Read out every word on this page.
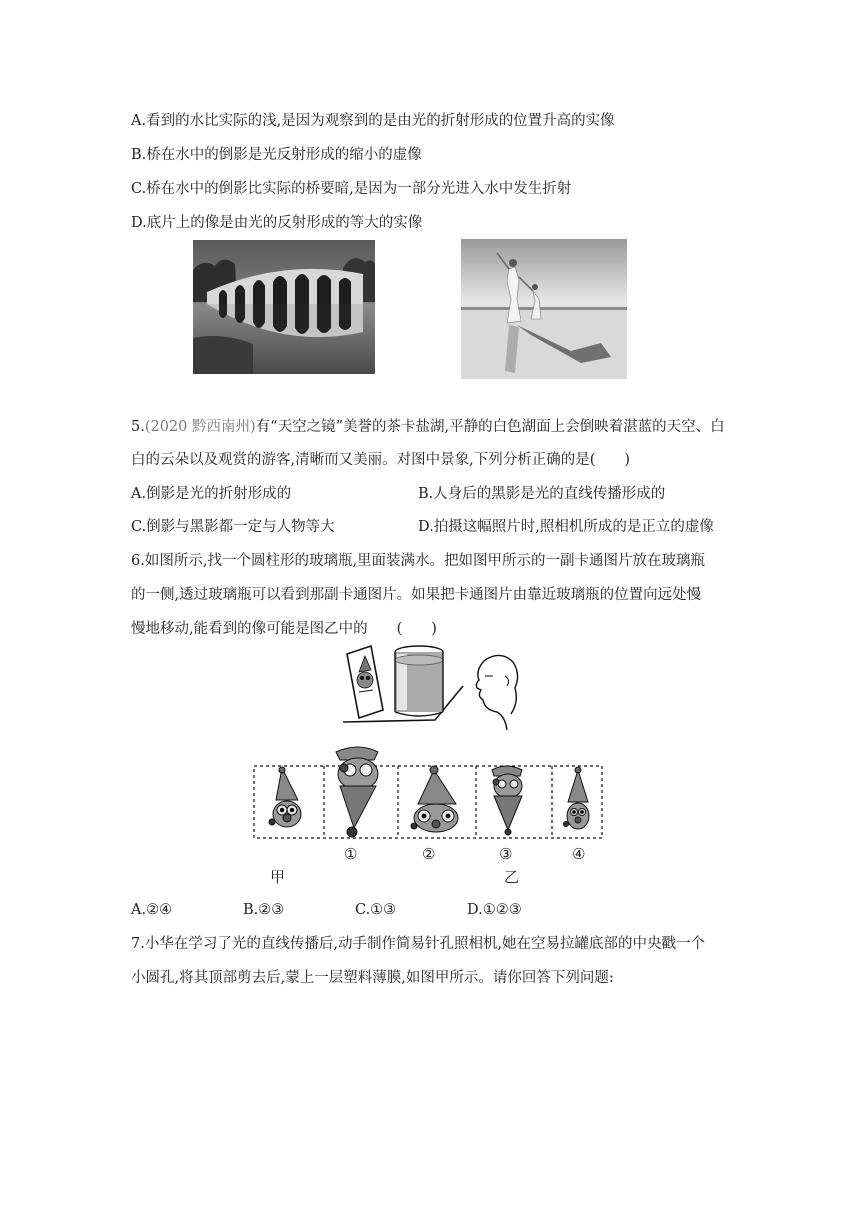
A.看到的水比实际的浅,是因为观察到的是由光的折射形成的位置升高的实像
B.桥在水中的倒影是光反射形成的缩小的虚像
C.桥在水中的倒影比实际的桥要暗,是因为一部分光进入水中发生折射
D.底片上的像是由光的反射形成的等大的实像
5.(2020 黔西南州)有“天空之镜”美誉的茶卡盐湖,平静的白色湖面上会倒映着湛蓝的天空、白
白的云朵以及观赏的游客,清晰而又美丽。对图中景象,下列分析正确的是(　　)
A.倒影是光的折射形成的	B.人身后的黑影是光的直线传播形成的
C.倒影与黑影都一定与人物等大	D.拍摄这幅照片时,照相机所成的是正立的虚像
6.如图所示,找一个圆柱形的玻璃瓶,里面装满水。把如图甲所示的一副卡通图片放在玻璃瓶
的一侧,透过玻璃瓶可以看到那副卡通图片。如果把卡通图片由靠近玻璃瓶的位置向远处慢
慢地移动,能看到的像可能是图乙中的　　(　　)
①	②	③	④
甲	乙
A.②④	B.②③	C.①③	D.①②③
7.小华在学习了光的直线传播后,动手制作简易针孔照相机,她在空易拉罐底部的中央戳一个
小圆孔,将其顶部剪去后,蒙上一层塑料薄膜,如图甲所示。请你回答下列问题:
